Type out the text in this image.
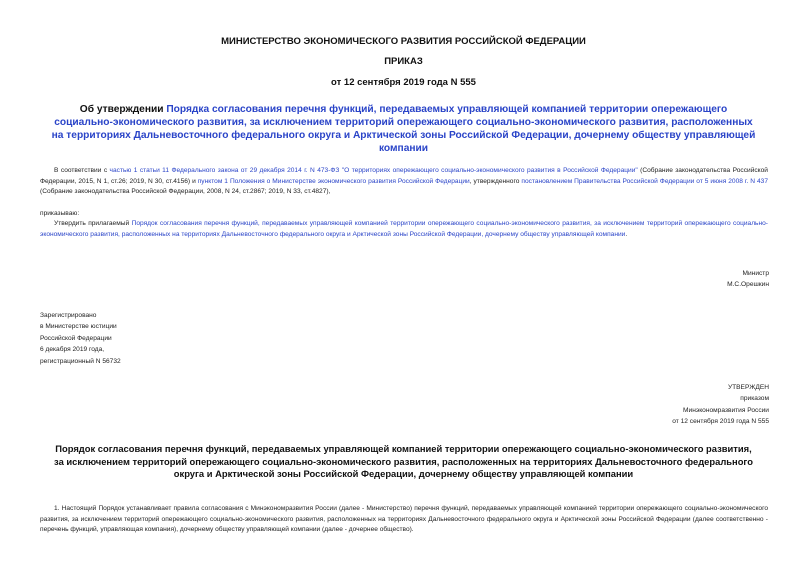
МИНИСТЕРСТВО ЭКОНОМИЧЕСКОГО РАЗВИТИЯ РОССИЙСКОЙ ФЕДЕРАЦИИ
ПРИКАЗ
от 12 сентября 2019 года N 555
Об утверждении Порядка согласования перечня функций, передаваемых управляющей компанией территории опережающего социально-экономического развития, за исключением территорий опережающего социально-экономического развития, расположенных на территориях Дальневосточного федерального округа и Арктической зоны Российской Федерации, дочернему обществу управляющей компании
В соответствии с частью 1 статьи 11 Федерального закона от 29 декабря 2014 г. N 473-ФЗ "О территориях опережающего социально-экономического развития в Российской Федерации" (Собрание законодательства Российской Федерации, 2015, N 1, ст.26; 2019, N 30, ст.4156) и пунктом 1 Положения о Министерстве экономического развития Российской Федерации, утвержденного постановлением Правительства Российской Федерации от 5 июня 2008 г. N 437 (Собрание законодательства Российской Федерации, 2008, N 24, ст.2867; 2019, N 33, ст.4827),
приказываю:
Утвердить прилагаемый Порядок согласования перечня функций, передаваемых управляющей компанией территории опережающего социально-экономического развития, за исключением территорий опережающего социально-экономического развития, расположенных на территориях Дальневосточного федерального округа и Арктической зоны Российской Федерации, дочернему обществу управляющей компании.
Министр
М.С.Орешкин
Зарегистрировано
в Министерстве юстиции
Российской Федерации
6 декабря 2019 года,
регистрационный N 56732
УТВЕРЖДЕН
приказом
Минэкономразвития России
от 12 сентября 2019 года N 555
Порядок согласования перечня функций, передаваемых управляющей компанией территории опережающего социально-экономического развития, за исключением территорий опережающего социально-экономического развития, расположенных на территориях Дальневосточного федерального округа и Арктической зоны Российской Федерации, дочернему обществу управляющей компании
1. Настоящий Порядок устанавливает правила согласования с Минэкономразвития России (далее - Министерство) перечня функций, передаваемых управляющей компанией территории опережающего социально-экономического развития, за исключением территорий опережающего социально-экономического развития, расположенных на территориях Дальневосточного федерального округа и Арктической зоны Российской Федерации (далее соответственно - перечень функций, управляющая компания), дочернему обществу управляющей компании (далее - дочернее общество).
